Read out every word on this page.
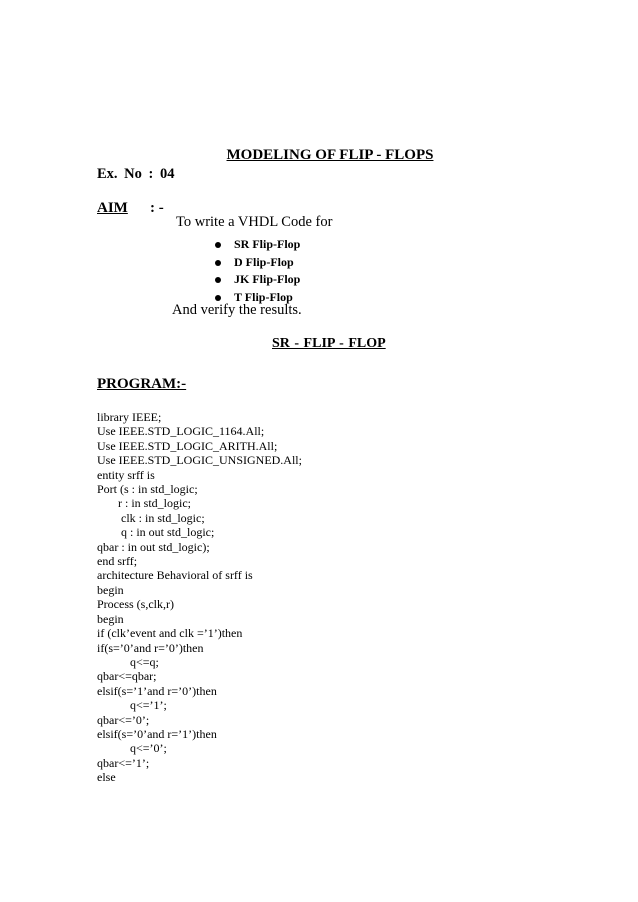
MODELING OF FLIP - FLOPS
Ex. No : 04
AIM : -
To write a VHDL Code for
SR Flip-Flop
D Flip-Flop
JK Flip-Flop
T Flip-Flop
And verify the results.
SR - FLIP - FLOP
PROGRAM:-
library IEEE;
Use IEEE.STD_LOGIC_1164.All;
Use IEEE.STD_LOGIC_ARITH.All;
Use IEEE.STD_LOGIC_UNSIGNED.All;
entity srff is
Port (s : in std_logic;
r : in std_logic;
clk : in std_logic;
q : in out std_logic;
qbar : in out std_logic);
end srff;
architecture Behavioral of srff is
begin
Process (s,clk,r)
begin
if (clk’event and clk =’1’)then
if(s=’0’and r=’0’)then
q<=q;
qbar<=qbar;
elsif(s=’1’and r=’0’)then
q<=’1’;
qbar<=’0’;
elsif(s=’0’and r=’1’)then
q<=’0’;
qbar<=’1’;
else
